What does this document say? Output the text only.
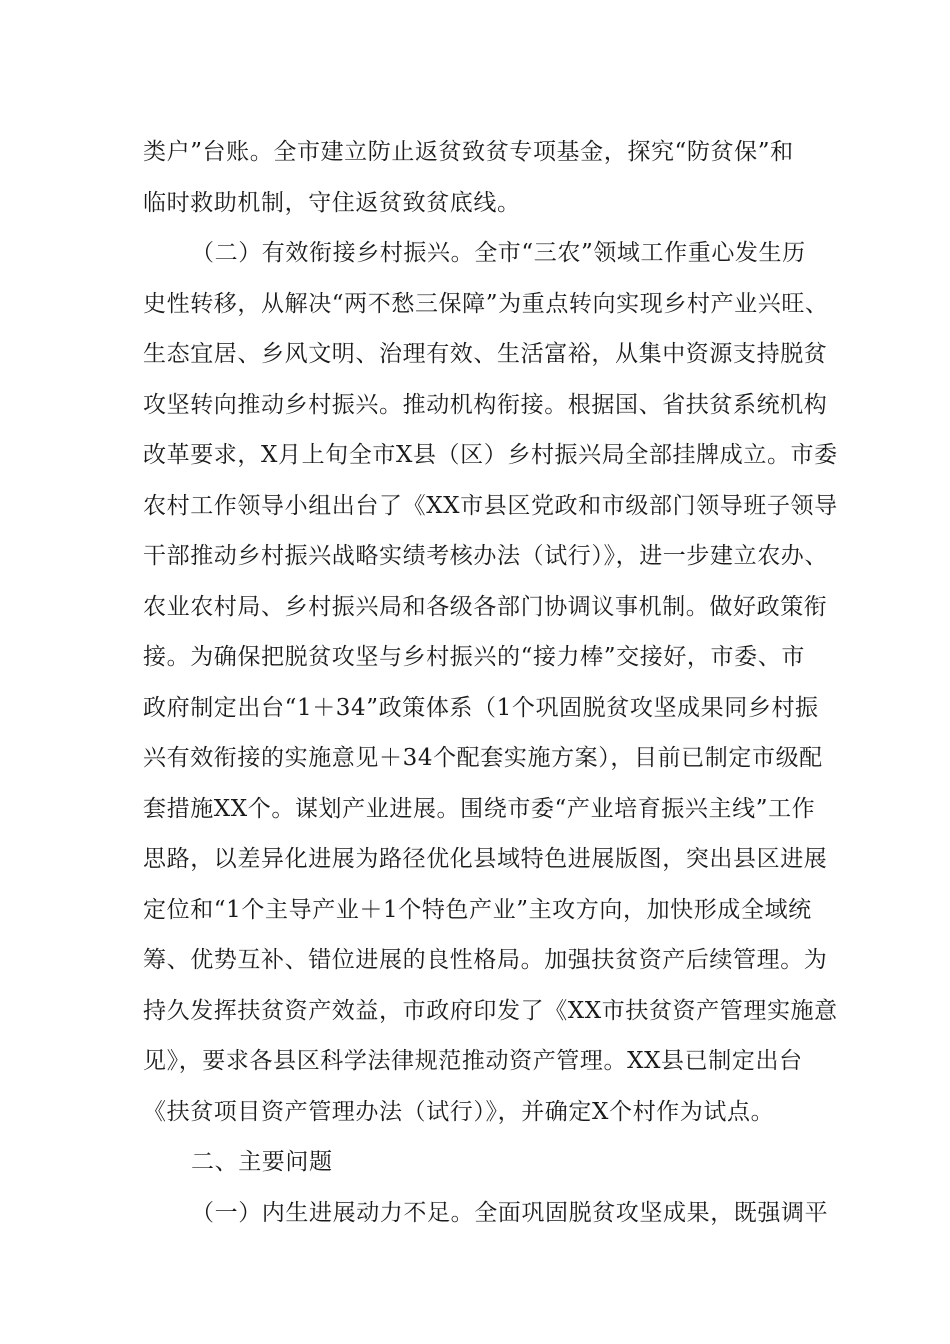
类户”台账。全市建立防止返贫致贫专项基金，探究“防贫保”和
临时救助机制，守住返贫致贫底线。
（二）有效衔接乡村振兴。全市“三农”领域工作重心发生历
史性转移，从解决“两不愁三保障”为重点转向实现乡村产业兴旺、
生态宜居、乡风文明、治理有效、生活富裕，从集中资源支持脱贫
攻坚转向推动乡村振兴。推动机构衔接。根据国、省扶贫系统机构
改革要求，X月上旬全市X县（区）乡村振兴局全部挂牌成立。市委
农村工作领导小组出台了《XX市县区党政和市级部门领导班子领导
干部推动乡村振兴战略实绩考核办法（试行）》，进一步建立农办、
农业农村局、乡村振兴局和各级各部门协调议事机制。做好政策衔
接。为确保把脱贫攻坚与乡村振兴的“接力棒”交接好，市委、市
政府制定出台“1＋34”政策体系（1个巩固脱贫攻坚成果同乡村振
兴有效衔接的实施意见＋34个配套实施方案），目前已制定市级配
套措施XX个。谋划产业进展。围绕市委“产业培育振兴主线”工作
思路，以差异化进展为路径优化县域特色进展版图，突出县区进展
定位和“1个主导产业＋1个特色产业”主攻方向，加快形成全域统
筹、优势互补、错位进展的良性格局。加强扶贫资产后续管理。为
持久发挥扶贫资产效益，市政府印发了《XX市扶贫资产管理实施意
见》，要求各县区科学法律规范推动资产管理。XX县已制定出台
《扶贫项目资产管理办法（试行）》，并确定X个村作为试点。
二、主要问题
（一）内生进展动力不足。全面巩固脱贫攻坚成果，既强调平
